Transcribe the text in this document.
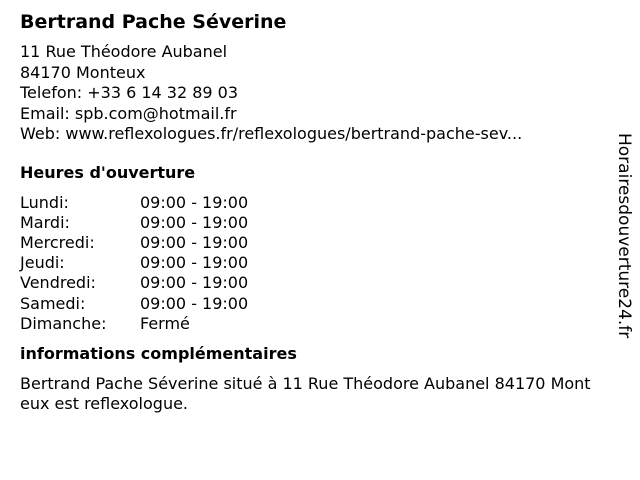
Bertrand Pache Séverine
11 Rue Théodore Aubanel
84170 Monteux
Telefon: +33 6 14 32 89 03
Email: spb.com@hotmail.fr
Web: www.reflexologues.fr/reflexologues/bertrand-pache-sev...
Heures d'ouverture
Lundi:	09:00 - 19:00
Mardi:	09:00 - 19:00
Mercredi:	09:00 - 19:00
Jeudi:	09:00 - 19:00
Vendredi:	09:00 - 19:00
Samedi:	09:00 - 19:00
Dimanche:	Fermé
informations complémentaires
Bertrand Pache Séverine situé à 11 Rue Théodore Aubanel 84170 Monteux est reflexologue.
Horairesdouverture24.fr
